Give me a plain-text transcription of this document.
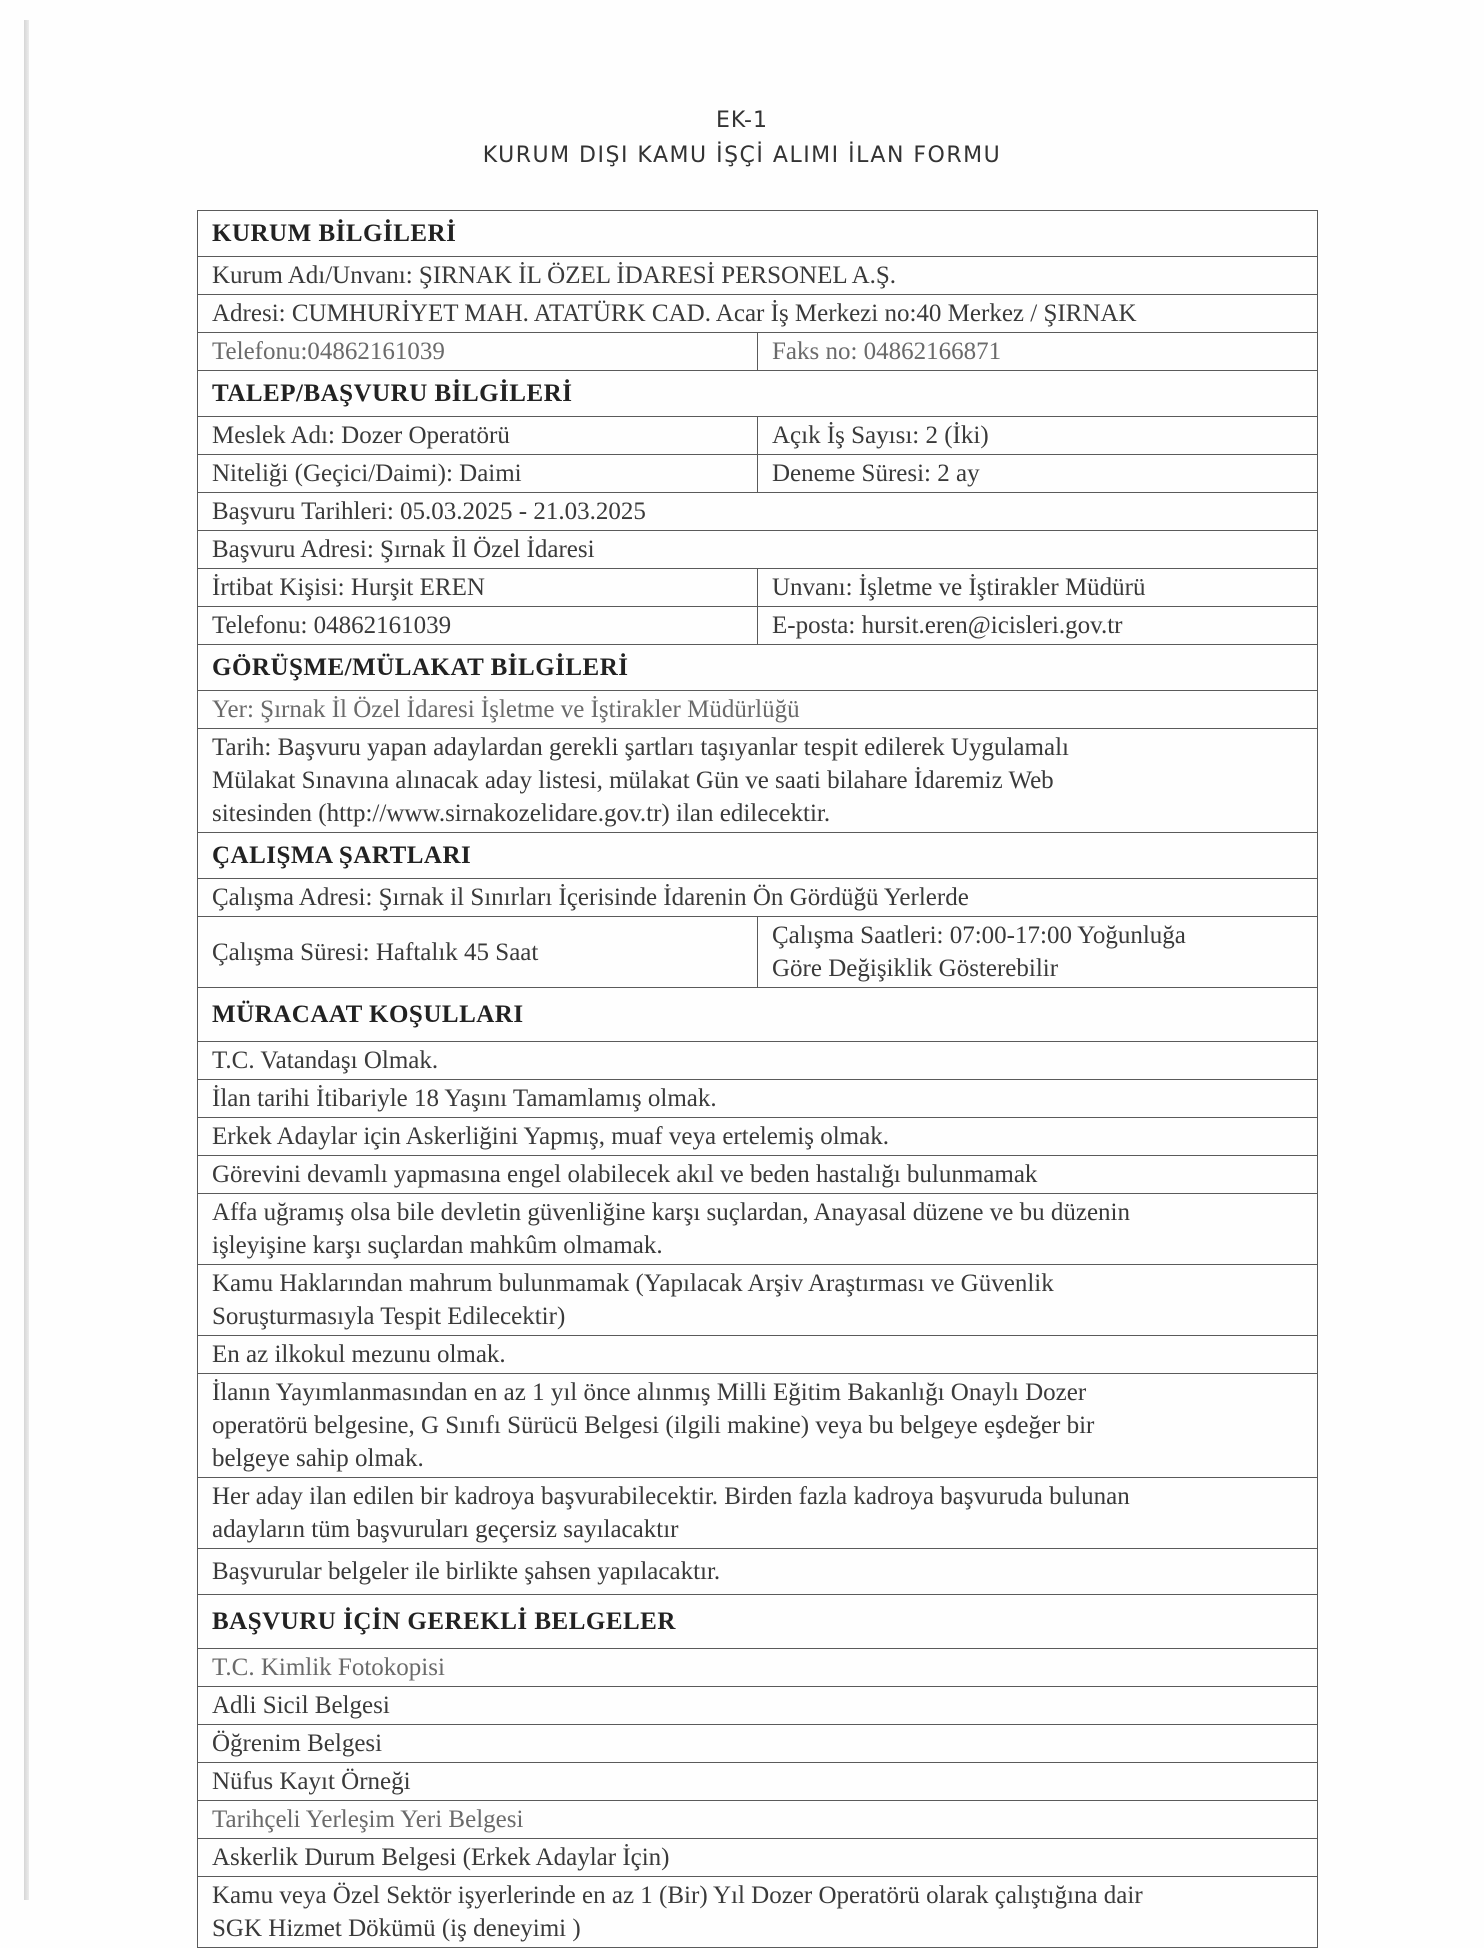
EK-1
KURUM DIŞI KAMU İŞÇİ ALIMI İLAN FORMU
KURUM BİLGİLERİ	
Kurum Adı/Unvanı: ŞIRNAK İL ÖZEL İDARESİ PERSONEL A.Ş.	
Adresi: CUMHURİYET MAH. ATATÜRK CAD. Acar İş Merkezi no:40 Merkez / ŞIRNAK	
Telefonu:04862161039	Faks no: 04862166871
TALEP/BAŞVURU BİLGİLERİ	
Meslek Adı: Dozer Operatörü	Açık İş Sayısı: 2 (İki)
Niteliği (Geçici/Daimi): Daimi	Deneme Süresi: 2 ay
Başvuru Tarihleri: 05.03.2025 - 21.03.2025	
Başvuru Adresi: Şırnak İl Özel İdaresi	
İrtibat Kişisi: Hurşit EREN	Unvanı: İşletme ve İştirakler Müdürü
Telefonu: 04862161039	E-posta: hursit.eren@icisleri.gov.tr
GÖRÜŞME/MÜLAKAT BİLGİLERİ	
Yer: Şırnak İl Özel İdaresi İşletme ve İştirakler Müdürlüğü	

Tarih: Başvuru yapan adaylardan gerekli şartları taşıyanlar tespit edilerek Uygulamalı
Mülakat Sınavına alınacak aday listesi, mülakat Gün ve saati bilahare İdaremiz Web
sitesinden (http://www.sirnakozelidare.gov.tr) ilan edilecektir.	

ÇALIŞMA ŞARTLARI	
Çalışma Adresi: Şırnak il Sınırları İçerisinde İdarenin Ön Gördüğü Yerlerde	
Çalışma Süresi: Haftalık 45 Saat	Çalışma Saatleri: 07:00-17:00 Yoğunluğa
Göre Değişiklik Gösterebilir

MÜRACAAT KOŞULLARI	
T.C. Vatandaşı Olmak.	
İlan tarihi İtibariyle 18 Yaşını Tamamlamış olmak.	
Erkek Adaylar için Askerliğini Yapmış, muaf veya ertelemiş olmak.	
Görevini devamlı yapmasına engel olabilecek akıl ve beden hastalığı bulunmamak	

Affa uğramış olsa bile devletin güvenliğine karşı suçlardan, Anayasal düzene ve bu düzenin
işleyişine karşı suçlardan mahkûm olmamak.	

Kamu Haklarından mahrum bulunmamak (Yapılacak Arşiv Araştırması ve Güvenlik
Soruşturmasıyla Tespit Edilecektir)	

En az ilkokul mezunu olmak.	

İlanın Yayımlanmasından en az 1 yıl önce alınmış Milli Eğitim Bakanlığı Onaylı Dozer
operatörü belgesine, G Sınıfı Sürücü Belgesi (ilgili makine) veya bu belgeye eşdeğer bir
belgeye sahip olmak.	

Her aday ilan edilen bir kadroya başvurabilecektir. Birden fazla kadroya başvuruda bulunan
adayların tüm başvuruları geçersiz sayılacaktır	

Başvurular belgeler ile birlikte şahsen yapılacaktır.	
BAŞVURU İÇİN GEREKLİ BELGELER	
T.C. Kimlik Fotokopisi	
Adli Sicil Belgesi	
Öğrenim Belgesi	
Nüfus Kayıt Örneği	
Tarihçeli Yerleşim Yeri Belgesi	
Askerlik Durum Belgesi (Erkek Adaylar İçin)	

Kamu veya Özel Sektör işyerlerinde en az 1 (Bir) Yıl Dozer Operatörü olarak çalıştığına dair
SGK Hizmet Dökümü (iş deneyimi )	
